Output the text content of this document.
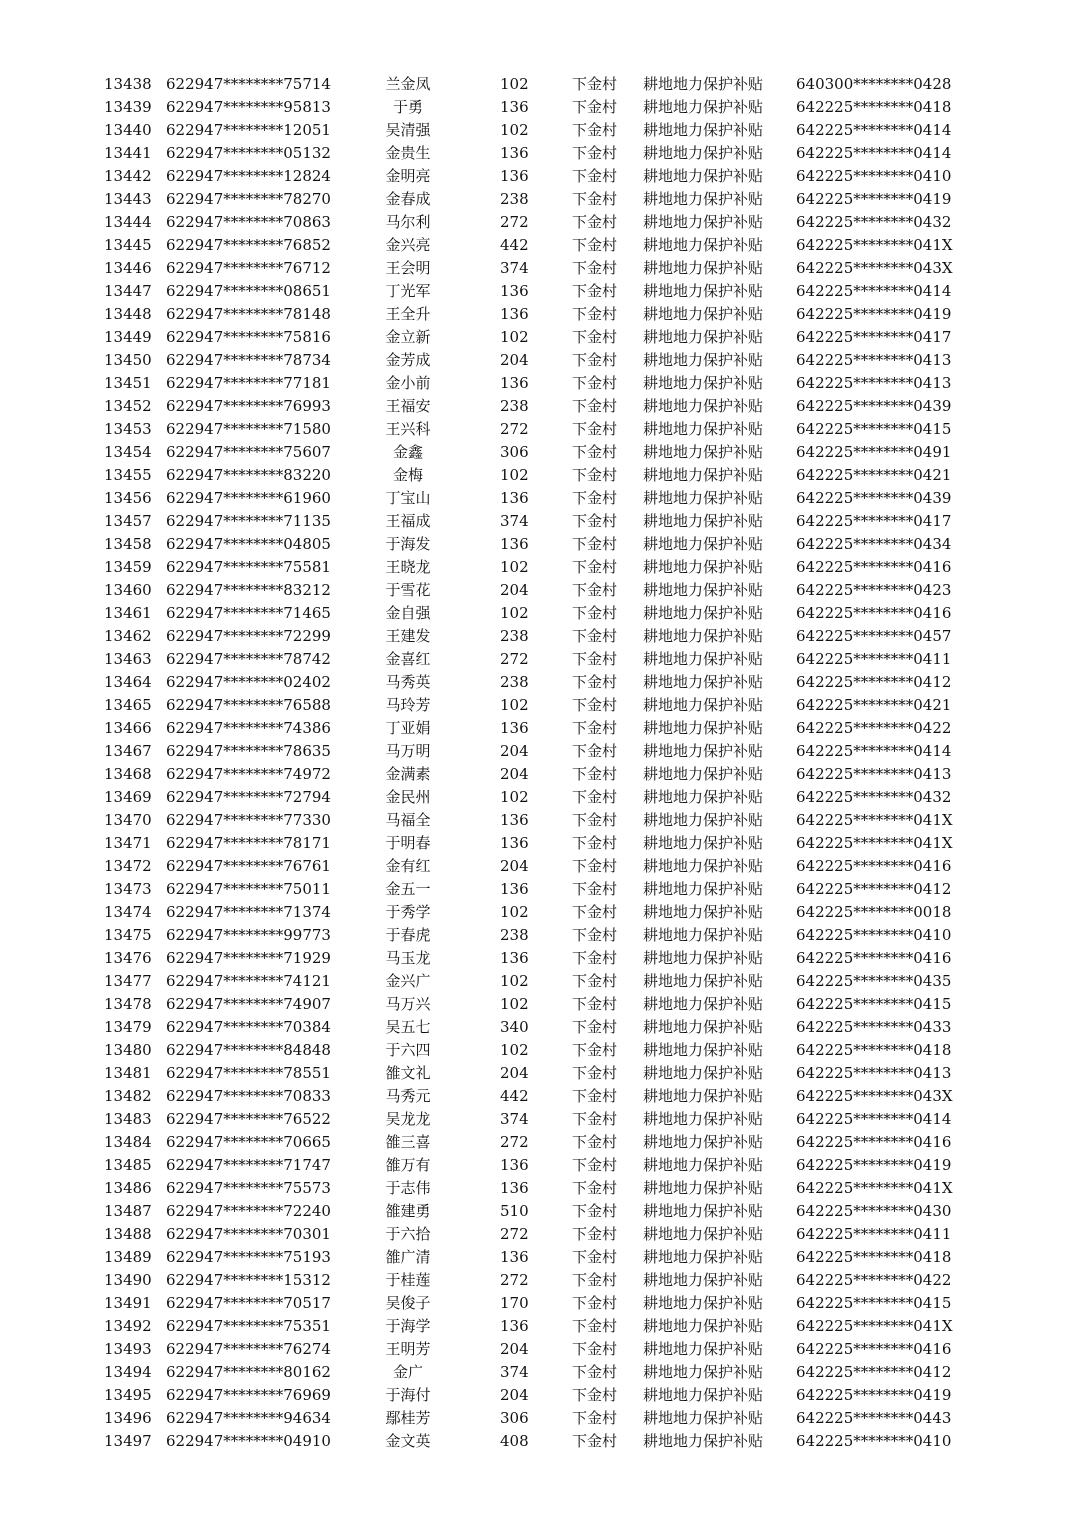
13438 622947********75714	兰金凤	102	下金村 耕地地力保护补贴 640300********0428
13439 622947********95813	于勇	136	下金村 耕地地力保护补贴 642225********0418
13440 622947********12051	吴清强	102	下金村 耕地地力保护补贴 642225********0414
13441 622947********05132	金贵生	136	下金村 耕地地力保护补贴 642225********0414
13442 622947********12824	金明亮	136	下金村 耕地地力保护补贴 642225********0410
13443 622947********78270	金春成	238	下金村 耕地地力保护补贴 642225********0419
13444 622947********70863	马尔利	272	下金村 耕地地力保护补贴 642225********0432
13445 622947********76852	金兴亮	442	下金村 耕地地力保护补贴 642225********041X
13446 622947********76712	王会明	374	下金村 耕地地力保护补贴 642225********043X
13447 622947********08651	丁光军	136	下金村 耕地地力保护补贴 642225********0414
13448 622947********78148	王全升	136	下金村 耕地地力保护补贴 642225********0419
13449 622947********75816	金立新	102	下金村 耕地地力保护补贴 642225********0417
13450 622947********78734	金芳成	204	下金村 耕地地力保护补贴 642225********0413
13451 622947********77181	金小前	136	下金村 耕地地力保护补贴 642225********0413
13452 622947********76993	王福安	238	下金村 耕地地力保护补贴 642225********0439
13453 622947********71580	王兴科	272	下金村 耕地地力保护补贴 642225********0415
13454 622947********75607	金鑫	306	下金村 耕地地力保护补贴 642225********0491
13455 622947********83220	金梅	102	下金村 耕地地力保护补贴 642225********0421
13456 622947********61960	丁宝山	136	下金村 耕地地力保护补贴 642225********0439
13457 622947********71135	王福成	374	下金村 耕地地力保护补贴 642225********0417
13458 622947********04805	于海发	136	下金村 耕地地力保护补贴 642225********0434
13459 622947********75581	王晓龙	102	下金村 耕地地力保护补贴 642225********0416
13460 622947********83212	于雪花	204	下金村 耕地地力保护补贴 642225********0423
13461 622947********71465	金自强	102	下金村 耕地地力保护补贴 642225********0416
13462 622947********72299	王建发	238	下金村 耕地地力保护补贴 642225********0457
13463 622947********78742	金喜红	272	下金村 耕地地力保护补贴 642225********0411
13464 622947********02402	马秀英	238	下金村 耕地地力保护补贴 642225********0412
13465 622947********76588	马玲芳	102	下金村 耕地地力保护补贴 642225********0421
13466 622947********74386	丁亚娟	136	下金村 耕地地力保护补贴 642225********0422
13467 622947********78635	马万明	204	下金村 耕地地力保护补贴 642225********0414
13468 622947********74972	金满素	204	下金村 耕地地力保护补贴 642225********0413
13469 622947********72794	金民州	102	下金村 耕地地力保护补贴 642225********0432
13470 622947********77330	马福全	136	下金村 耕地地力保护补贴 642225********041X
13471 622947********78171	于明春	136	下金村 耕地地力保护补贴 642225********041X
13472 622947********76761	金有红	204	下金村 耕地地力保护补贴 642225********0416
13473 622947********75011	金五一	136	下金村 耕地地力保护补贴 642225********0412
13474 622947********71374	于秀学	102	下金村 耕地地力保护补贴 642225********0018
13475 622947********99773	于春虎	238	下金村 耕地地力保护补贴 642225********0410
13476 622947********71929	马玉龙	136	下金村 耕地地力保护补贴 642225********0416
13477 622947********74121	金兴广	102	下金村 耕地地力保护补贴 642225********0435
13478 622947********74907	马万兴	102	下金村 耕地地力保护补贴 642225********0415
13479 622947********70384	吴五七	340	下金村 耕地地力保护补贴 642225********0433
13480 622947********84848	于六四	102	下金村 耕地地力保护补贴 642225********0418
13481 622947********78551	雒文礼	204	下金村 耕地地力保护补贴 642225********0413
13482 622947********70833	马秀元	442	下金村 耕地地力保护补贴 642225********043X
13483 622947********76522	吴龙龙	374	下金村 耕地地力保护补贴 642225********0414
13484 622947********70665	雒三喜	272	下金村 耕地地力保护补贴 642225********0416
13485 622947********71747	雒万有	136	下金村 耕地地力保护补贴 642225********0419
13486 622947********75573	于志伟	136	下金村 耕地地力保护补贴 642225********041X
13487 622947********72240	雒建勇	510	下金村 耕地地力保护补贴 642225********0430
13488 622947********70301	于六拾	272	下金村 耕地地力保护补贴 642225********0411
13489 622947********75193	雒广清	136	下金村 耕地地力保护补贴 642225********0418
13490 622947********15312	于桂莲	272	下金村 耕地地力保护补贴 642225********0422
13491 622947********70517	吴俊子	170	下金村 耕地地力保护补贴 642225********0415
13492 622947********75351	于海学	136	下金村 耕地地力保护补贴 642225********041X
13493 622947********76274	王明芳	204	下金村 耕地地力保护补贴 642225********0416
13494 622947********80162	金广	374	下金村 耕地地力保护补贴 642225********0412
13495 622947********76969	于海付	204	下金村 耕地地力保护补贴 642225********0419
13496 622947********94634	鄢桂芳	306	下金村 耕地地力保护补贴 642225********0443
13497 622947********04910	金文英	408	下金村 耕地地力保护补贴 642225********0410
